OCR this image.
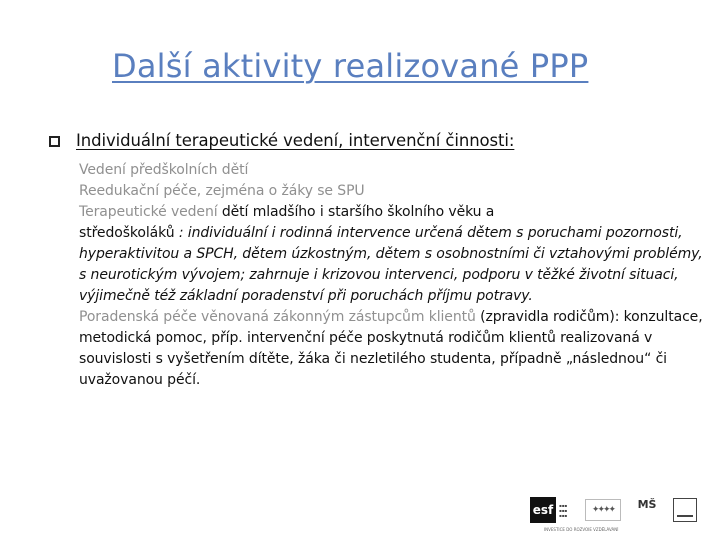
Další aktivity realizované PPP
Individuální terapeutické vedení, intervenční činnosti:

Vedení předškolních dětí

Reedukační péče, zejména o žáky se SPU

Terapeutické vedení dětí mladšího i staršího školního věku a

středoškoláků : individuální i rodinná intervence určená dětem s poruchami pozornosti, hyperaktivitou a SPCH, dětem úzkostným, dětem s osobnostními či vztahovými problémy, s neurotickým vývojem; zahrnuje i krizovou intervenci, podporu v těžké životní situaci, výjimečně též základní poradenství při poruchách příjmu potravy.

Poradenská péče věnovaná zákonným zástupcům klientů (zpravidla rodičům): konzultace, metodická pomoc, příp. intervenční péče poskytnutá rodičům klientů realizovaná v souvislosti s vyšetřením dítěte, žáka či nezletilého studenta, případně „následnou“ či uvažovanou péčí.

esf	▪▪▪
▪▪▪
▪▪▪	✦✦✦✦	MŠ
INVESTICE DO ROZVOJE VZDĚLÁVÁNÍ
